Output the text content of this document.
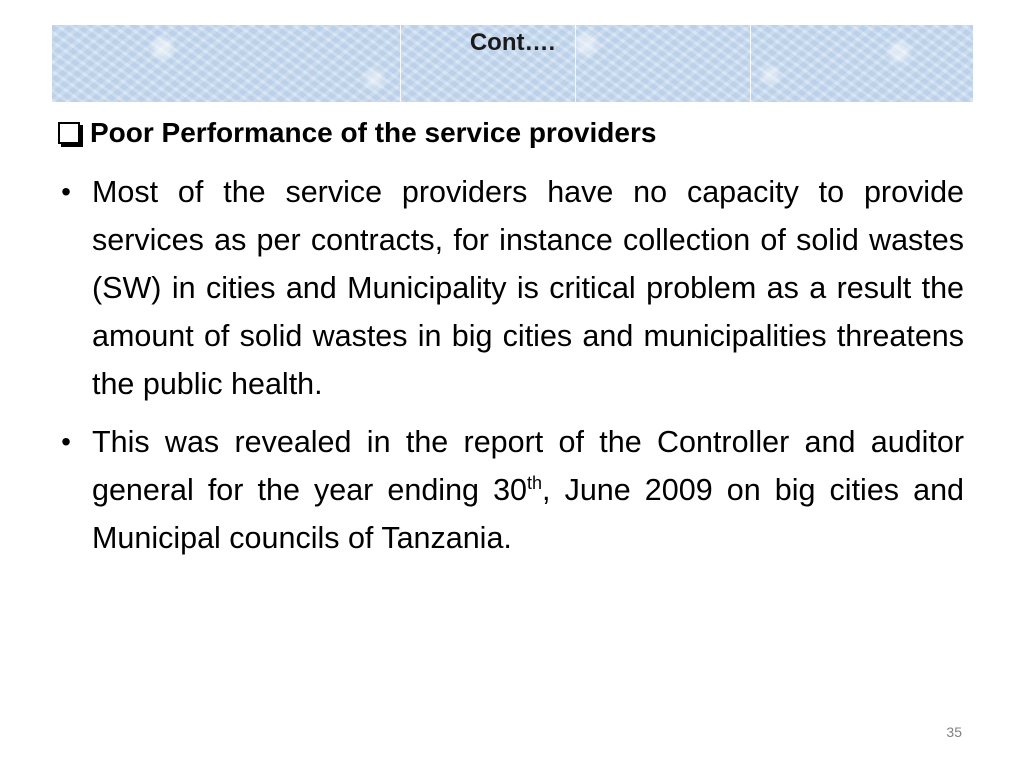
Cont….
Poor Performance of the service providers
• Most of the service providers have no capacity to provide services as per contracts, for instance collection of solid wastes (SW) in cities and Municipality is critical problem as a result the amount of solid wastes in big cities and municipalities threatens the public health.
• This was revealed in the report of the Controller and auditor general for the year ending 30th, June 2009 on big cities and Municipal councils of Tanzania.
35
